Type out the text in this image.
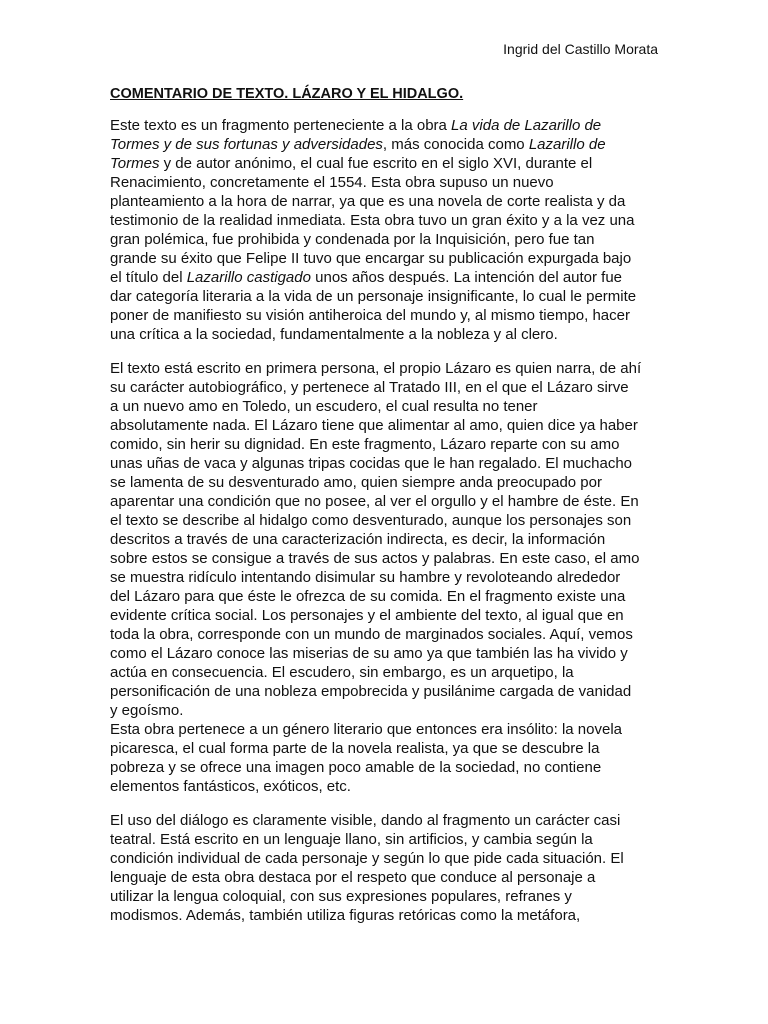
Ingrid del Castillo Morata
COMENTARIO DE TEXTO. LÁZARO Y EL HIDALGO.
Este texto es un fragmento perteneciente a la obra La vida de Lazarillo de
Tormes y de sus fortunas y adversidades, más conocida como Lazarillo de
Tormes y de autor anónimo, el cual fue escrito en el siglo XVI, durante el
Renacimiento, concretamente el 1554. Esta obra supuso un nuevo
planteamiento a la hora de narrar, ya que es una novela de corte realista y da
testimonio de la realidad inmediata. Esta obra tuvo un gran éxito y a la vez una
gran polémica, fue prohibida y condenada por la Inquisición, pero fue tan
grande su éxito que Felipe II tuvo que encargar su publicación expurgada bajo
el título del Lazarillo castigado unos años después. La intención del autor fue
dar categoría literaria a la vida de un personaje insignificante, lo cual le permite
poner de manifiesto su visión antiheroica del mundo y, al mismo tiempo, hacer
una crítica a la sociedad, fundamentalmente a la nobleza y al clero.
El texto está escrito en primera persona, el propio Lázaro es quien narra, de ahí
su carácter autobiográfico, y pertenece al Tratado III, en el que el Lázaro sirve
a un nuevo amo en Toledo, un escudero, el cual resulta no tener
absolutamente nada. El Lázaro tiene que alimentar al amo, quien dice ya haber
comido, sin herir su dignidad. En este fragmento, Lázaro reparte con su amo
unas uñas de vaca y algunas tripas cocidas que le han regalado. El muchacho
se lamenta de su desventurado amo, quien siempre anda preocupado por
aparentar una condición que no posee, al ver el orgullo y el hambre de éste. En
el texto se describe al hidalgo como desventurado, aunque los personajes son
descritos a través de una caracterización indirecta, es decir, la información
sobre estos se consigue a través de sus actos y palabras. En este caso, el amo
se muestra ridículo intentando disimular su hambre y revoloteando alrededor
del Lázaro para que éste le ofrezca de su comida. En el fragmento existe una
evidente crítica social. Los personajes y el ambiente del texto, al igual que en
toda la obra, corresponde con un mundo de marginados sociales. Aquí, vemos
como el Lázaro conoce las miserias de su amo ya que también las ha vivido y
actúa en consecuencia. El escudero, sin embargo, es un arquetipo, la
personificación de una nobleza empobrecida y pusilánime cargada de vanidad
y egoísmo.
Esta obra pertenece a un género literario que entonces era insólito: la novela
picaresca, el cual forma parte de la novela realista, ya que se descubre la
pobreza y se ofrece una imagen poco amable de la sociedad, no contiene
elementos fantásticos, exóticos, etc.
El uso del diálogo es claramente visible, dando al fragmento un carácter casi
teatral. Está escrito en un lenguaje llano, sin artificios, y cambia según la
condición individual de cada personaje y según lo que pide cada situación. El
lenguaje de esta obra destaca por el respeto que conduce al personaje a
utilizar la lengua coloquial, con sus expresiones populares, refranes y
modismos. Además, también utiliza figuras retóricas como la metáfora,
